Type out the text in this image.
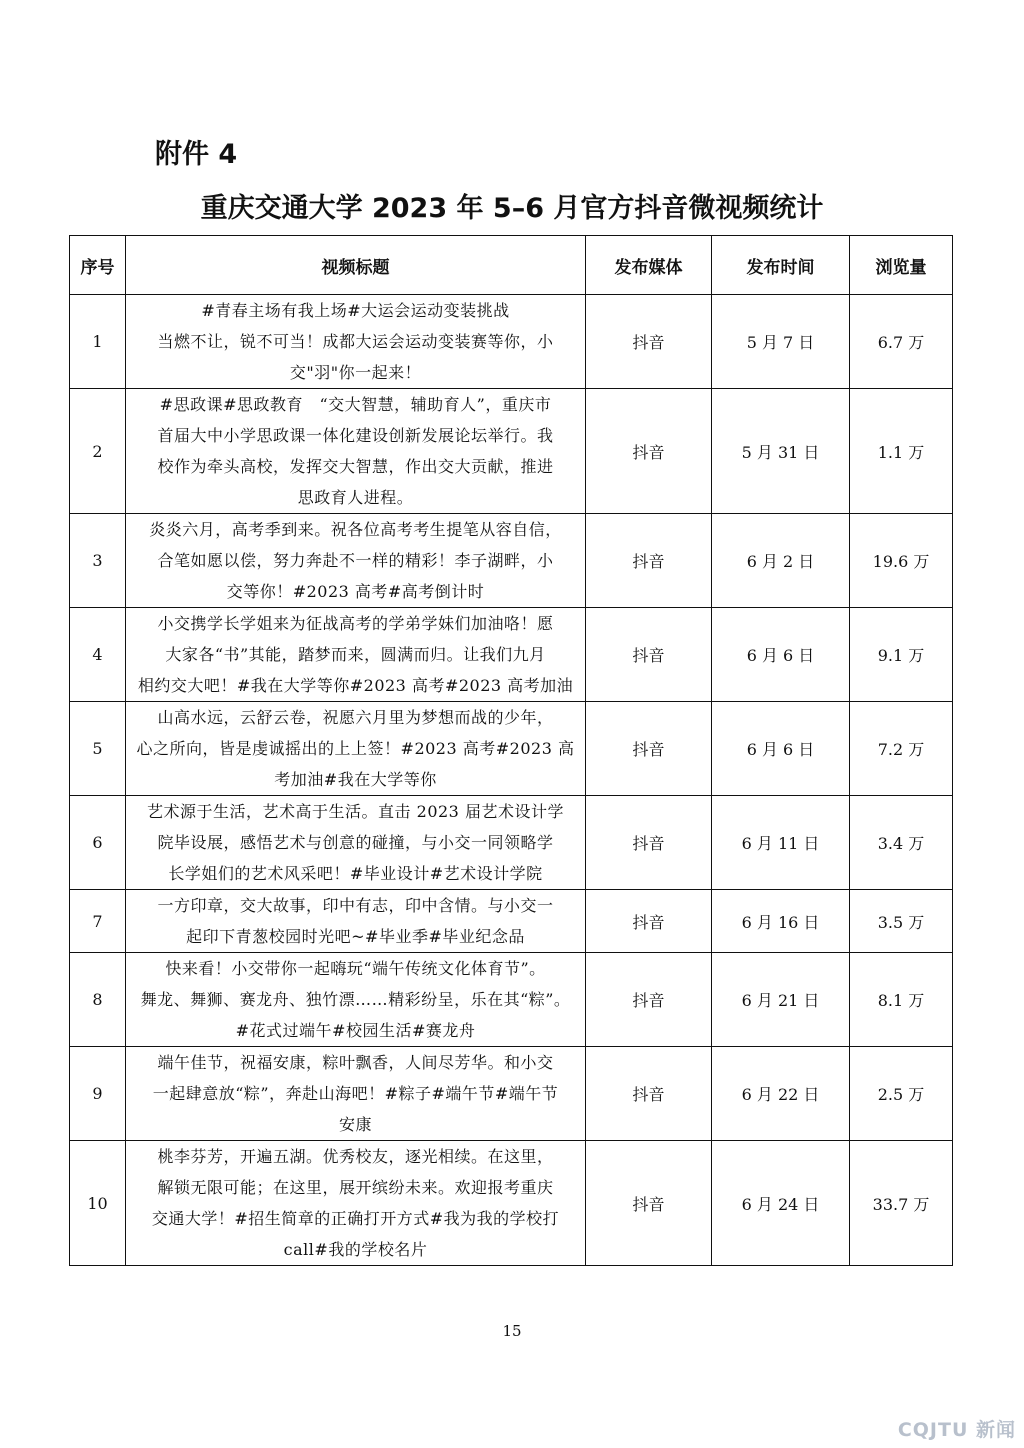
附件 4
重庆交通大学 2023 年 5–6 月官方抖音微视频统计
序号	视频标题	发布媒体	发布时间	浏览量
1	#青春主场有我上场#大运会运动变装挑战
当燃不让，锐不可当！成都大运会运动变装赛等你，小
交"羽"你一起来！	抖音	5 月 7 日	6.7 万
2	#思政课#思政教育　“交大智慧，辅助育人”，重庆市
首届大中小学思政课一体化建设创新发展论坛举行。我
校作为牵头高校，发挥交大智慧，作出交大贡献，推进
思政育人进程。	抖音	5 月 31 日	1.1 万
3	炎炎六月，高考季到来。祝各位高考考生提笔从容自信，
合笔如愿以偿，努力奔赴不一样的精彩！李子湖畔，小
交等你！#2023 高考#高考倒计时	抖音	6 月 2 日	19.6 万
4	小交携学长学姐来为征战高考的学弟学妹们加油咯！愿
大家各“书”其能，踏梦而来，圆满而归。让我们九月
相约交大吧！#我在大学等你#2023 高考#2023 高考加油	抖音	6 月 6 日	9.1 万
5	山高水远，云舒云卷，祝愿六月里为梦想而战的少年，
心之所向，皆是虔诚摇出的上上签！#2023 高考#2023 高
考加油#我在大学等你	抖音	6 月 6 日	7.2 万
6	艺术源于生活，艺术高于生活。直击 2023 届艺术设计学
院毕设展，感悟艺术与创意的碰撞，与小交一同领略学
长学姐们的艺术风采吧！#毕业设计#艺术设计学院	抖音	6 月 11 日	3.4 万
7	一方印章，交大故事，印中有志，印中含情。与小交一
起印下青葱校园时光吧~#毕业季#毕业纪念品	抖音	6 月 16 日	3.5 万
8	快来看！小交带你一起嗨玩“端午传统文化体育节”。
舞龙、舞狮、赛龙舟、独竹漂……精彩纷呈，乐在其“粽”。
#花式过端午#校园生活#赛龙舟	抖音	6 月 21 日	8.1 万
9	端午佳节，祝福安康，粽叶飘香，人间尽芳华。和小交
一起肆意放“粽”，奔赴山海吧！#粽子#端午节#端午节
安康	抖音	6 月 22 日	2.5 万
10	桃李芬芳，开遍五湖。优秀校友，逐光相续。在这里，
解锁无限可能；在这里，展开缤纷未来。欢迎报考重庆
交通大学！#招生简章的正确打开方式#我为我的学校打
call#我的学校名片	抖音	6 月 24 日	33.7 万
15
CQJTU 新闻
